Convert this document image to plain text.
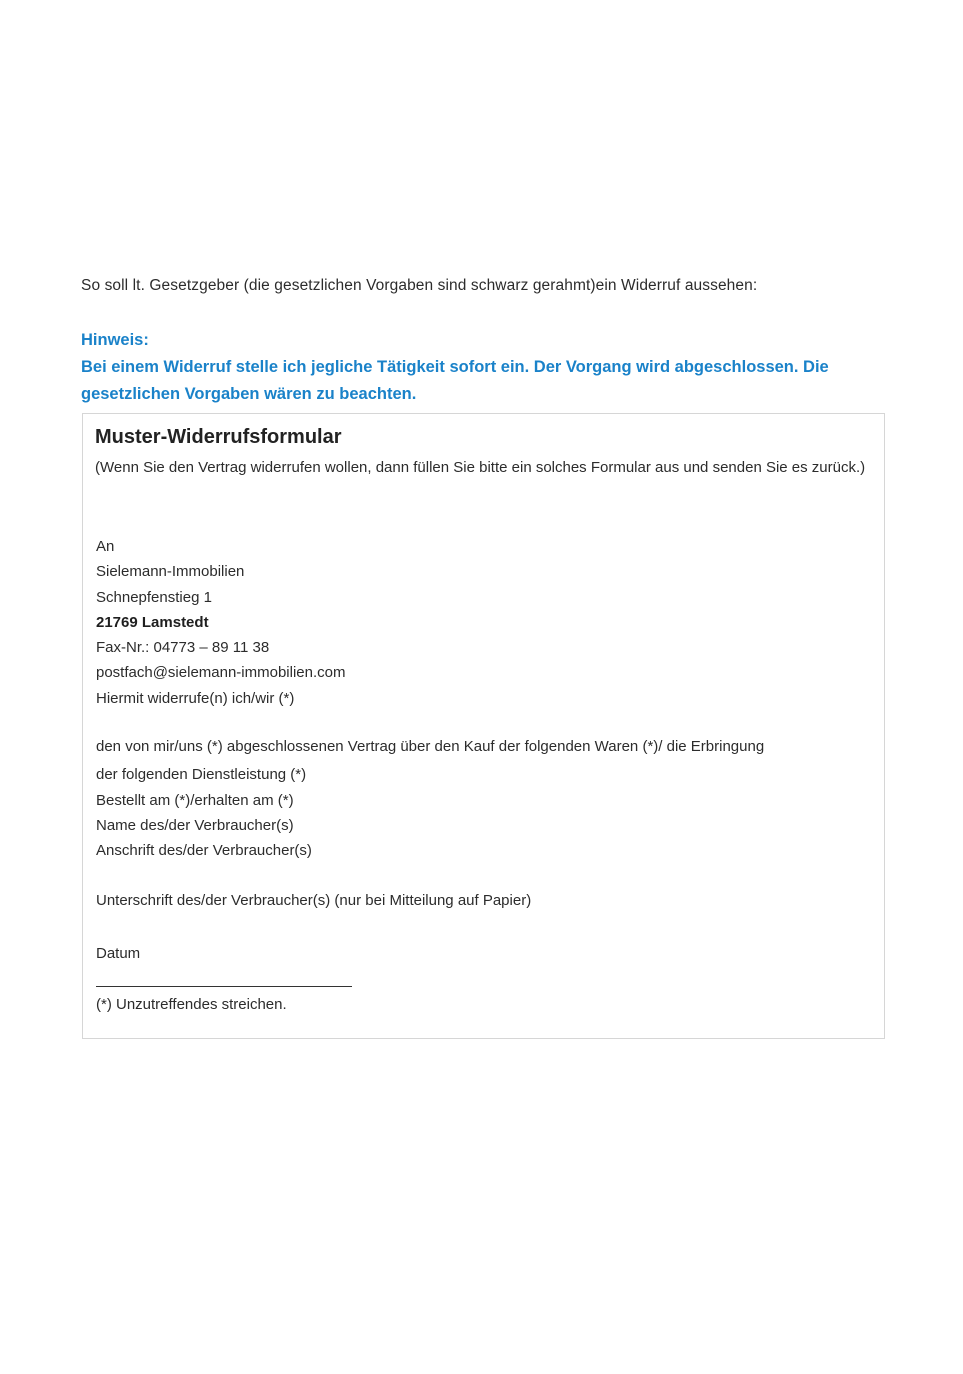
So soll lt. Gesetzgeber (die gesetzlichen Vorgaben sind schwarz gerahmt)ein Widerruf aussehen:

Hinweis:

Bei einem Widerruf stelle ich jegliche Tätigkeit sofort ein. Der Vorgang wird abgeschlossen. Die gesetzlichen Vorgaben wären zu beachten.

Muster-Widerrufsformular

(Wenn Sie den Vertrag widerrufen wollen, dann füllen Sie bitte ein solches Formular aus und senden Sie es zurück.)

An

Sielemann-Immobilien

Schnepfenstieg 1

21769 Lamstedt

Fax-Nr.: 04773 – 89 11 38

postfach@sielemann-immobilien.com

Hiermit widerrufe(n) ich/wir (*)

den von mir/uns (*) abgeschlossenen Vertrag über den Kauf der folgenden Waren (*)/ die Erbringung

der folgenden Dienstleistung (*)

Bestellt am (*)/erhalten am (*)

Name des/der Verbraucher(s)

Anschrift des/der Verbraucher(s)

Unterschrift des/der Verbraucher(s) (nur bei Mitteilung auf Papier)

Datum

(*) Unzutreffendes streichen.
